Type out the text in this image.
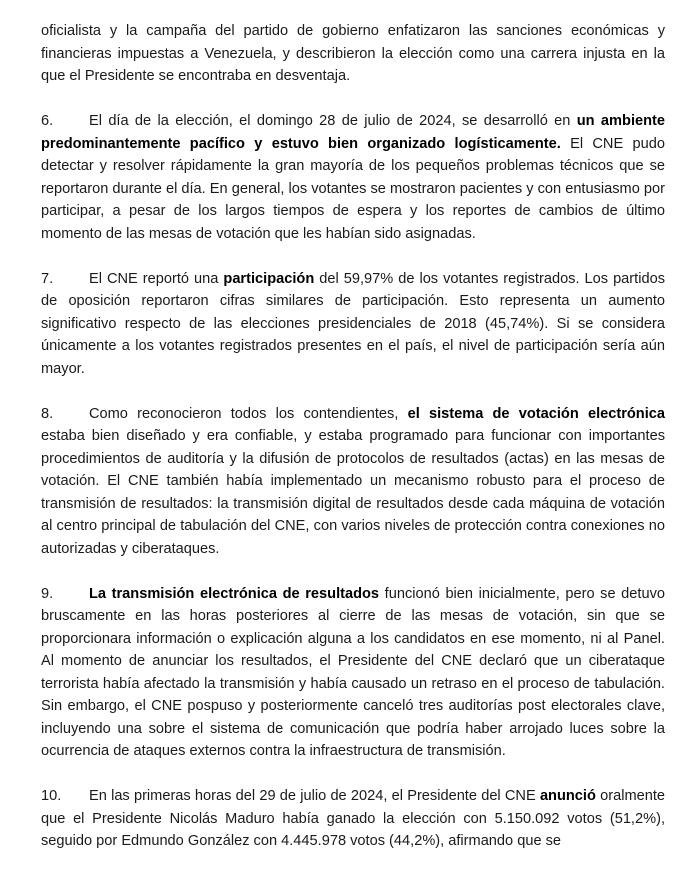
oficialista y la campaña del partido de gobierno enfatizaron las sanciones económicas y financieras impuestas a Venezuela, y describieron la elección como una carrera injusta en la que el Presidente se encontraba en desventaja.

6. El día de la elección, el domingo 28 de julio de 2024, se desarrolló en un ambiente predominantemente pacífico y estuvo bien organizado logísticamente. El CNE pudo detectar y resolver rápidamente la gran mayoría de los pequeños problemas técnicos que se reportaron durante el día. En general, los votantes se mostraron pacientes y con entusiasmo por participar, a pesar de los largos tiempos de espera y los reportes de cambios de último momento de las mesas de votación que les habían sido asignadas.

7. El CNE reportó una participación del 59,97% de los votantes registrados. Los partidos de oposición reportaron cifras similares de participación. Esto representa un aumento significativo respecto de las elecciones presidenciales de 2018 (45,74%). Si se considera únicamente a los votantes registrados presentes en el país, el nivel de participación sería aún mayor.

8. Como reconocieron todos los contendientes, el sistema de votación electrónica estaba bien diseñado y era confiable, y estaba programado para funcionar con importantes procedimientos de auditoría y la difusión de protocolos de resultados (actas) en las mesas de votación. El CNE también había implementado un mecanismo robusto para el proceso de transmisión de resultados: la transmisión digital de resultados desde cada máquina de votación al centro principal de tabulación del CNE, con varios niveles de protección contra conexiones no autorizadas y ciberataques.

9. La transmisión electrónica de resultados funcionó bien inicialmente, pero se detuvo bruscamente en las horas posteriores al cierre de las mesas de votación, sin que se proporcionara información o explicación alguna a los candidatos en ese momento, ni al Panel. Al momento de anunciar los resultados, el Presidente del CNE declaró que un ciberataque terrorista había afectado la transmisión y había causado un retraso en el proceso de tabulación. Sin embargo, el CNE pospuso y posteriormente canceló tres auditorías post electorales clave, incluyendo una sobre el sistema de comunicación que podría haber arrojado luces sobre la ocurrencia de ataques externos contra la infraestructura de transmisión.

10. En las primeras horas del 29 de julio de 2024, el Presidente del CNE anunció oralmente que el Presidente Nicolás Maduro había ganado la elección con 5.150.092 votos (51,2%), seguido por Edmundo González con 4.445.978 votos (44,2%), afirmando que se
